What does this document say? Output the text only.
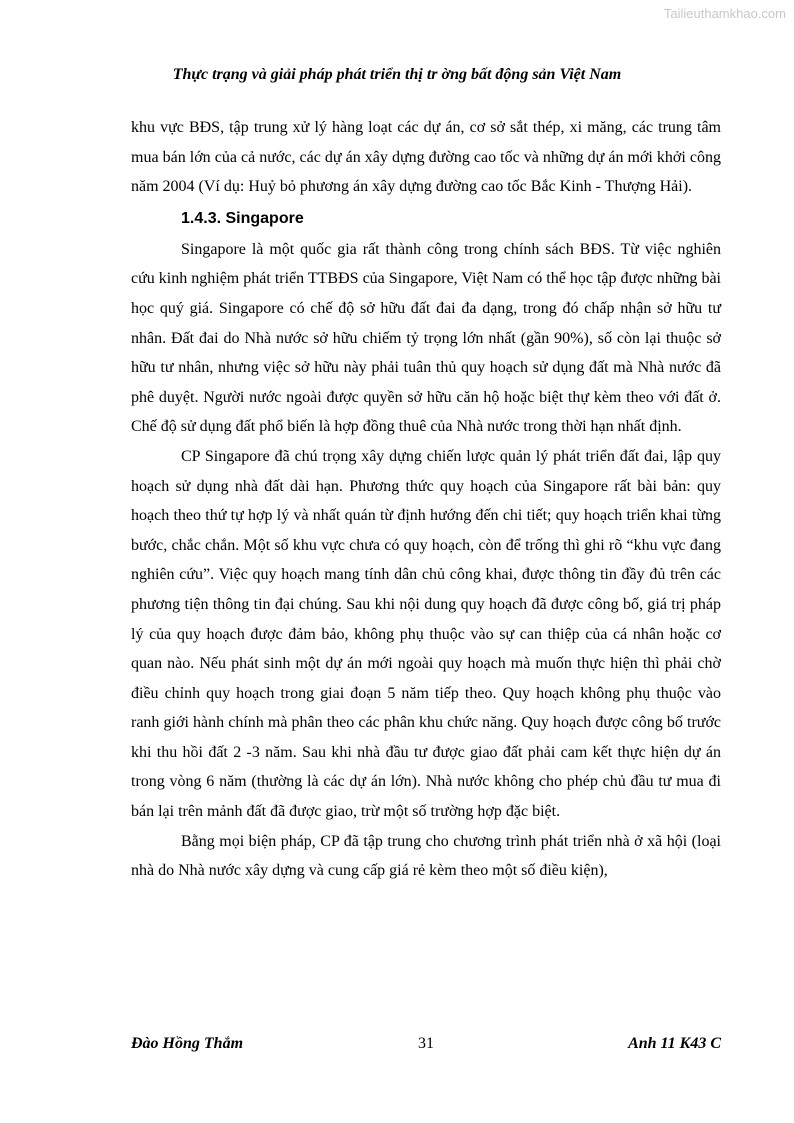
Tailieuthamkhao.com
Thực trạng và giải pháp phát triển thị tr ờng bất động sản Việt Nam

khu vực BĐS, tập trung xử lý hàng loạt các dự án, cơ sở sắt thép, xi măng, các trung tâm mua bán lớn của cả nước, các dự án xây dựng đường cao tốc và những dự án mới khởi công năm 2004 (Ví dụ: Huỷ bỏ phương án xây dựng đường cao tốc Bắc Kinh - Thượng Hải).

1.4.3. Singapore

Singapore là một quốc gia rất thành công trong chính sách BĐS. Từ việc nghiên cứu kinh nghiệm phát triển TTBĐS của Singapore, Việt Nam có thể học tập được những bài học quý giá. Singapore có chế độ sở hữu đất đai đa dạng, trong đó chấp nhận sở hữu tư nhân. Đất đai do Nhà nước sở hữu chiếm tỷ trọng lớn nhất (gần 90%), số còn lại thuộc sở hữu tư nhân, nhưng việc sở hữu này phải tuân thủ quy hoạch sử dụng đất mà Nhà nước đã phê duyệt. Người nước ngoài được quyền sở hữu căn hộ hoặc biệt thự kèm theo với đất ở. Chế độ sử dụng đất phổ biến là hợp đồng thuê của Nhà nước trong thời hạn nhất định.

CP Singapore đã chú trọng xây dựng chiến lược quản lý phát triển đất đai, lập quy hoạch sử dụng nhà đất dài hạn. Phương thức quy hoạch của Singapore rất bài bản: quy hoạch theo thứ tự hợp lý và nhất quán từ định hướng đến chi tiết; quy hoạch triển khai từng bước, chắc chắn. Một số khu vực chưa có quy hoạch, còn để trống thì ghi rõ “khu vực đang nghiên cứu”. Việc quy hoạch mang tính dân chủ công khai, được thông tin đầy đủ trên các phương tiện thông tin đại chúng. Sau khi nội dung quy hoạch đã được công bố, giá trị pháp lý của quy hoạch được đảm bảo, không phụ thuộc vào sự can thiệp của cá nhân hoặc cơ quan nào. Nếu phát sinh một dự án mới ngoài quy hoạch mà muốn thực hiện thì phải chờ điều chỉnh quy hoạch trong giai đoạn 5 năm tiếp theo. Quy hoạch không phụ thuộc vào ranh giới hành chính mà phân theo các phân khu chức năng. Quy hoạch được công bố trước khi thu hồi đất 2 -3 năm. Sau khi nhà đầu tư được giao đất phải cam kết thực hiện dự án trong vòng 6 năm (thường là các dự án lớn). Nhà nước không cho phép chủ đầu tư mua đi bán lại trên mảnh đất đã được giao, trừ một số trường hợp đặc biệt.

Bằng mọi biện pháp, CP đã tập trung cho chương trình phát triển nhà ở xã hội (loại nhà do Nhà nước xây dựng và cung cấp giá rẻ kèm theo một số điều kiện),

Đào Hồng Thắm	31	Anh 11 K43 C
